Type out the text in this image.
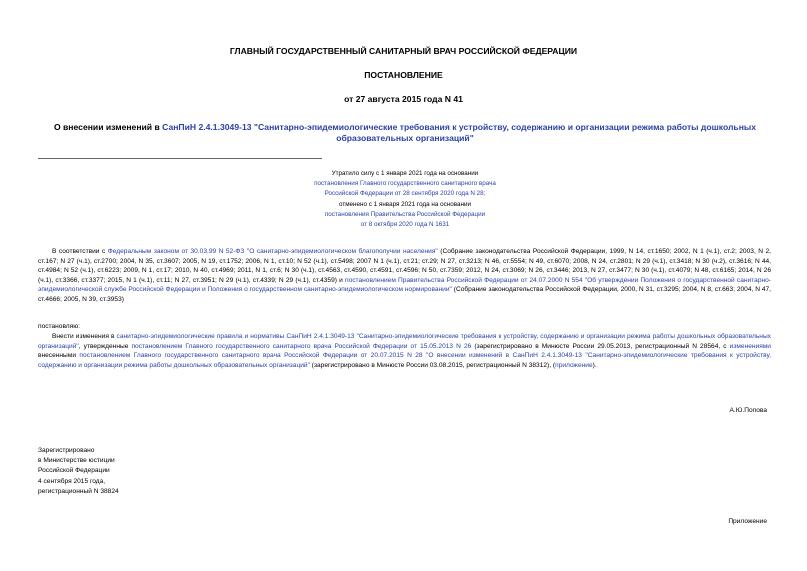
ГЛАВНЫЙ ГОСУДАРСТВЕННЫЙ САНИТАРНЫЙ ВРАЧ РОССИЙСКОЙ ФЕДЕРАЦИИ
ПОСТАНОВЛЕНИЕ
от 27 августа 2015 года N 41
О внесении изменений в СанПиН 2.4.1.3049-13 "Санитарно-эпидемиологические требования к устройству, содержанию и организации режима работы дошкольных образовательных организаций"
Утратило силу с 1 января 2021 года на основании
постановления Главного государственного санитарного врача
Российской Федерации от 28 сентября 2020 года N 28;
отменено с 1 января 2021 года на основании
постановления Правительства Российской Федерации
от 8 октября 2020 года N 1631
В соответствии с Федеральным законом от 30.03.99 N 52-ФЗ "О санитарно-эпидемиологическом благополучии населения" (Собрание законодательства Российской Федерации, 1999, N 14, ст.1650; 2002, N 1 (ч.1), ст.2; 2003, N 2, ст.167; N 27 (ч.1), ст.2700; 2004, N 35, ст.3607; 2005, N 19, ст.1752; 2006, N 1, ст.10; N 52 (ч.1), ст.5498; 2007 N 1 (ч.1), ст.21; ст.29; N 27, ст.3213; N 46, ст.5554; N 49, ст.6070; 2008, N 24, ст.2801; N 29 (ч.1), ст.3418; N 30 (ч.2), ст.3616; N 44, ст.4984; N 52 (ч.1), ст.6223; 2009, N 1, ст.17; 2010, N 40, ст.4969; 2011, N 1, ст.6; N 30 (ч.1), ст.4563, ст.4590, ст.4591, ст.4596; N 50, ст.7359; 2012, N 24, ст.3069; N 26, ст.3446; 2013, N 27, ст.3477; N 30 (ч.1), ст.4079; N 48, ст.6165; 2014, N 26 (ч.1), ст.3366, ст.3377; 2015, N 1 (ч.1), ст.11; N 27, ст.3951; N 29 (ч.1), ст.4339; N 29 (ч.1), ст.4359) и постановлением Правительства Российской Федерации от 24.07.2000 N 554 "Об утверждении Положения о государственной санитарно-эпидемиологической службе Российской Федерации и Положения о государственном санитарно-эпидемиологическом нормировании" (Собрание законодательства Российской Федерации, 2000, N 31, ст.3295; 2004, N 8, ст.663; 2004, N 47, ст.4666; 2005, N 39, ст.3953)
постановляю:
Внести изменения в санитарно-эпидемиологические правила и нормативы СанПиН 2.4.1.3049-13 "Санитарно-эпидемиологические требования к устройству, содержанию и организации режима работы дошкольных образовательных организаций", утвержденные постановлением Главного государственного санитарного врача Российской Федерации от 15.05.2013 N 26 (зарегистрировано в Минюсте России 29.05.2013, регистрационный N 28564, с изменениями внесенными постановлением Главного государственного санитарного врача Российской Федерации от 20.07.2015 N 28 "О внесении изменений в СанПиН 2.4.1.3049-13 "Санитарно-эпидемиологические требования к устройству, содержанию и организации режима работы дошкольных образовательных организаций" (зарегистрировано в Минюсте России 03.08.2015, регистрационный N 38312), (приложение).
А.Ю.Попова
Зарегистрировано
в Министерстве юстиции
Российской Федерации
4 сентября 2015 года,
регистрационный N 38824
Приложение
